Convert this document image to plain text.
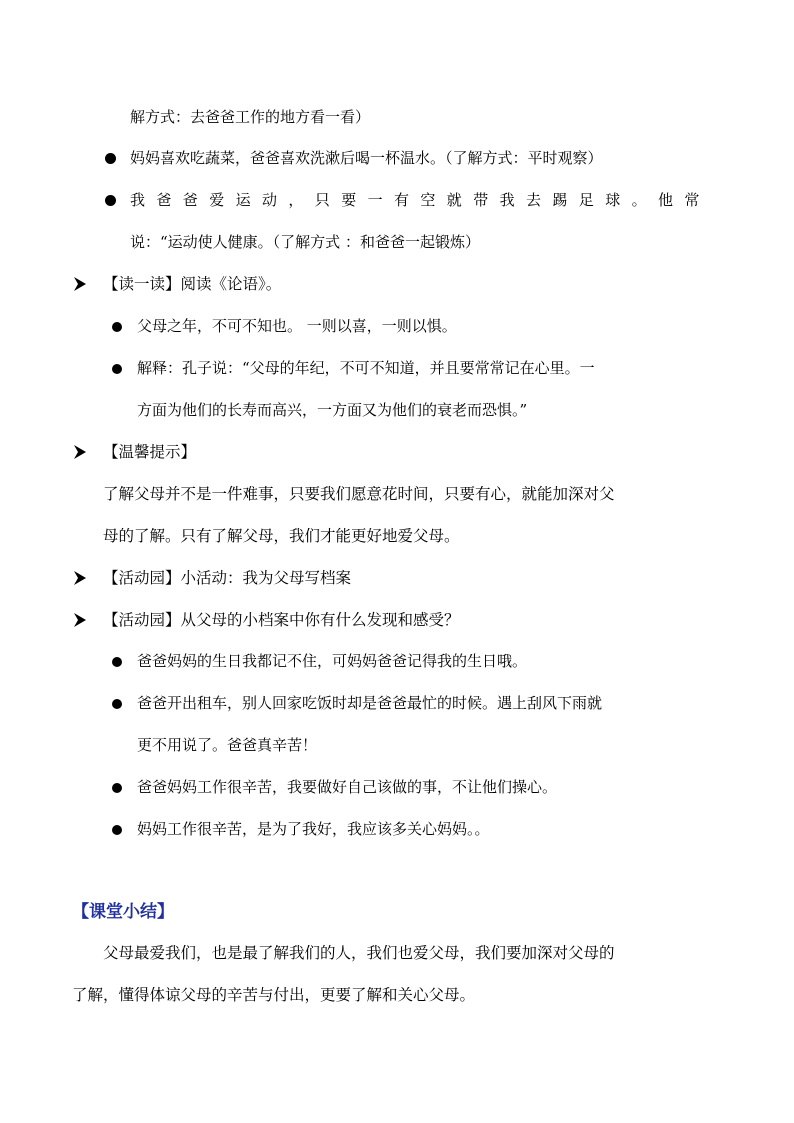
解方式：去爸爸工作的地方看一看）
妈妈喜欢吃蔬菜，爸爸喜欢洗漱后喝一杯温水。（了解方式：平时观察）
我爸爸爱运动，只要一有空就带我去踢足球。他常
说：“运动使人健康。（了解方式 ：和爸爸一起锻炼）
【读一读】阅读《论语》。
父母之年，不可不知也。 一则以喜，一则以惧。
解释：孔子说：“父母的年纪，不可不知道，并且要常常记在心里。一
方面为他们的长寿而高兴，一方面又为他们的衰老而恐惧。”
【温馨提示】
了解父母并不是一件难事，只要我们愿意花时间，只要有心，就能加深对父
母的了解。只有了解父母，我们才能更好地爱父母。
【活动园】小活动：我为父母写档案
【活动园】从父母的小档案中你有什么发现和感受？
爸爸妈妈的生日我都记不住，可妈妈爸爸记得我的生日哦。
爸爸开出租车，别人回家吃饭时却是爸爸最忙的时候。遇上刮风下雨就
更不用说了。爸爸真辛苦！
爸爸妈妈工作很辛苦，我要做好自己该做的事，不让他们操心。
妈妈工作很辛苦，是为了我好，我应该多关心妈妈。。
【课堂小结】
父母最爱我们，也是最了解我们的人，我们也爱父母，我们要加深对父母的
了解，懂得体谅父母的辛苦与付出，更要了解和关心父母。
